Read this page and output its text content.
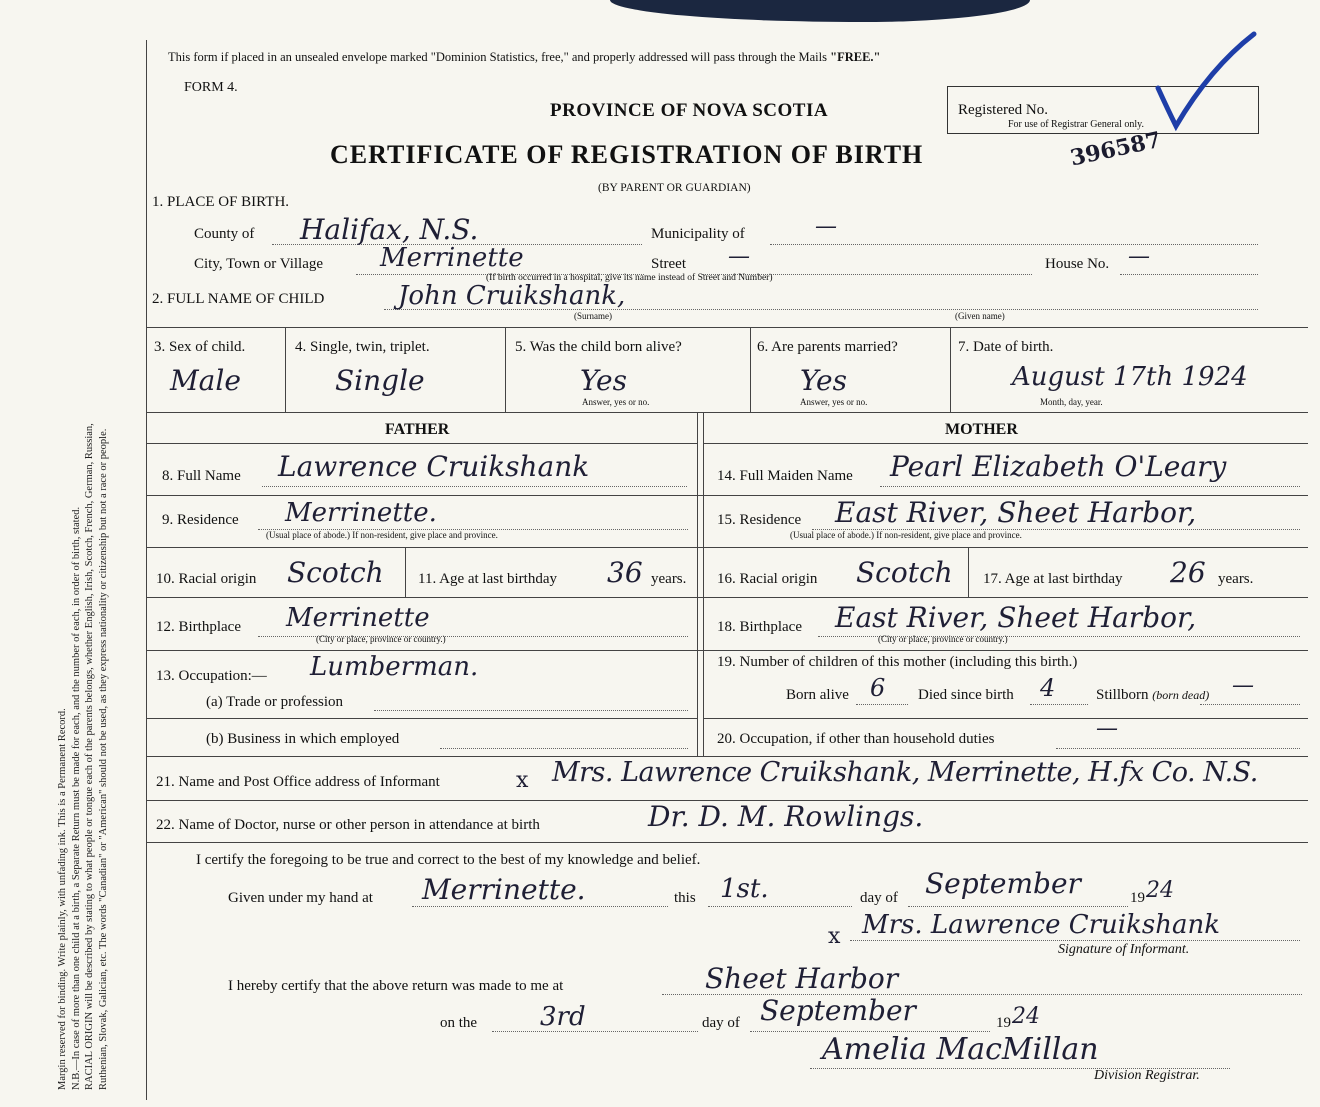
Margin reserved for binding. Write plainly, with unfading ink. This is a Permanent Record. N.B.—In case of more than one child at a birth, a Separate Return must be made for each, and the number of each, in order of birth, stated. RACIAL ORIGIN will be described by stating to what people or tongue each of the parents belongs, whether English, Irish, Scotch, French, German, Russian, Ruthenian, Slovak, Galician, etc. The words "Canadian" or "American" should not be used, as they express nationality or citizenship but not a race or people.
This form if placed in an unsealed envelope marked "Dominion Statistics, free," and properly addressed will pass through the Mails "FREE."
FORM 4.
PROVINCE OF NOVA SCOTIA
CERTIFICATE OF REGISTRATION OF BIRTH
(BY PARENT OR GUARDIAN)
Registered No.
For use of Registrar General only.
396587
1. PLACE OF BIRTH.
County of Halifax, N.S.	Municipality of	—
City, Town or Village Merrinette	Street —	House No. —
(If birth occurred in a hospital, give its name instead of Street and Number)
2. FULL NAME OF CHILD	John Cruikshank,
(Surname)	(Given name)
3. Sex of child.
Male
4. Single, twin, triplet.
Single
5. Was the child born alive?
Yes
Answer, yes or no.
6. Are parents married?
Yes
Answer, yes or no.
7. Date of birth.
August 17th 1924
Month, day, year.
FATHER	MOTHER
8. Full Name Lawrence Cruikshank
9. Residence Merrinette.
(Usual place of abode.) If non-resident, give place and province.
10. Racial origin Scotch 11. Age at last birthday 36 years.
12. Birthplace Merrinette
(City or place, province or country.)
13. Occupation:— Lumberman.
(a) Trade or profession
(b) Business in which employed
14. Full Maiden Name Pearl Elizabeth O'Leary
15. Residence East River, Sheet Harbor,
(Usual place of abode.) If non-resident, give place and province.
16. Racial origin Scotch 17. Age at last birthday 26 years.
18. Birthplace East River, Sheet Harbor,
(City or place, province or country.)
19. Number of children of this mother (including this birth.)
Born alive 6 Died since birth 4	Stillborn (born dead) —
20. Occupation, if other than household duties	—
21. Name and Post Office address of Informant	x Mrs. Lawrence Cruikshank, Merrinette, H.fx Co. N.S.
22. Name of Doctor, nurse or other person in attendance at birth	Dr. D. M. Rowlings.
I certify the foregoing to be true and correct to the best of my knowledge and belief.
Given under my hand at Merrinette.	this 1st.	day of September	19 24
x Mrs. Lawrence Cruikshank
Signature of Informant.
I hereby certify that the above return was made to me at	Sheet Harbor
on the 3rd	day of September	19 24
Amelia MacMillan
Division Registrar.
